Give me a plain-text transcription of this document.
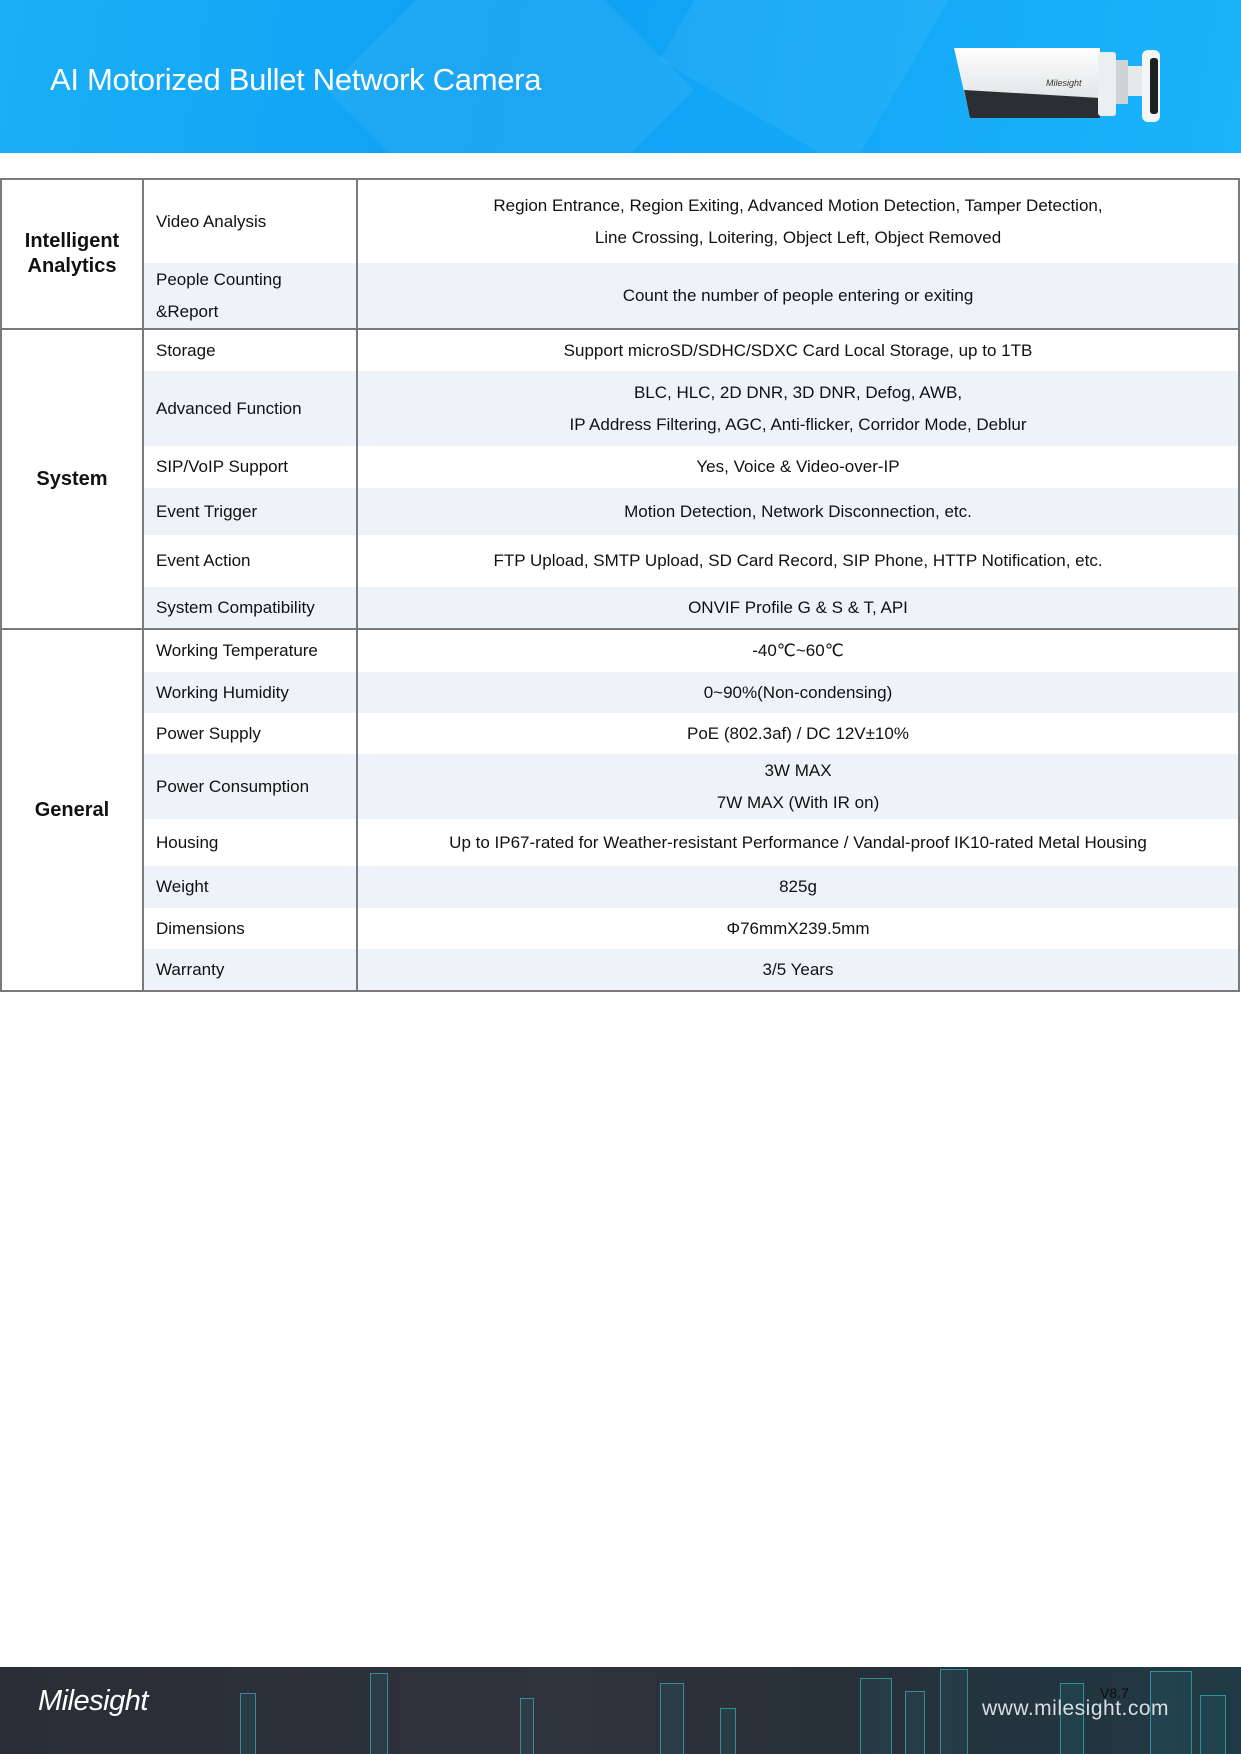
AI Motorized Bullet Network Camera	Milesight
Intelligent Analytics	Video Analysis	Region Entrance, Region Exiting, Advanced Motion Detection, Tamper Detection,
Line Crossing, Loitering, Object Left, Object Removed

	People Counting
&Report	Count the number of people entering or exiting
System	Storage	Support microSD/SDHC/SDXC Card Local Storage, up to 1TB
	Advanced Function	BLC, HLC, 2D DNR, 3D DNR, Defog, AWB,
IP Address Filtering, AGC, Anti-flicker, Corridor Mode, Deblur

	SIP/VoIP Support	Yes, Voice & Video-over-IP
	Event Trigger	Motion Detection, Network Disconnection, etc.
	Event Action	FTP Upload, SMTP Upload, SD Card Record, SIP Phone, HTTP Notification, etc.
	System Compatibility	ONVIF Profile G & S & T, API
General	Working Temperature	-40℃~60℃
	Working Humidity	0~90%(Non-condensing)
	Power Supply	PoE (802.3af) / DC 12V±10%
	Power Consumption	3W MAX
7W MAX (With IR on)

	Housing	Up to IP67-rated for Weather-resistant Performance / Vandal-proof IK10-rated Metal Housing
	Weight	825g
	Dimensions	Φ76mmX239.5mm
	Warranty	3/5 Years
Milesight	www.milesight.com
V8.7
